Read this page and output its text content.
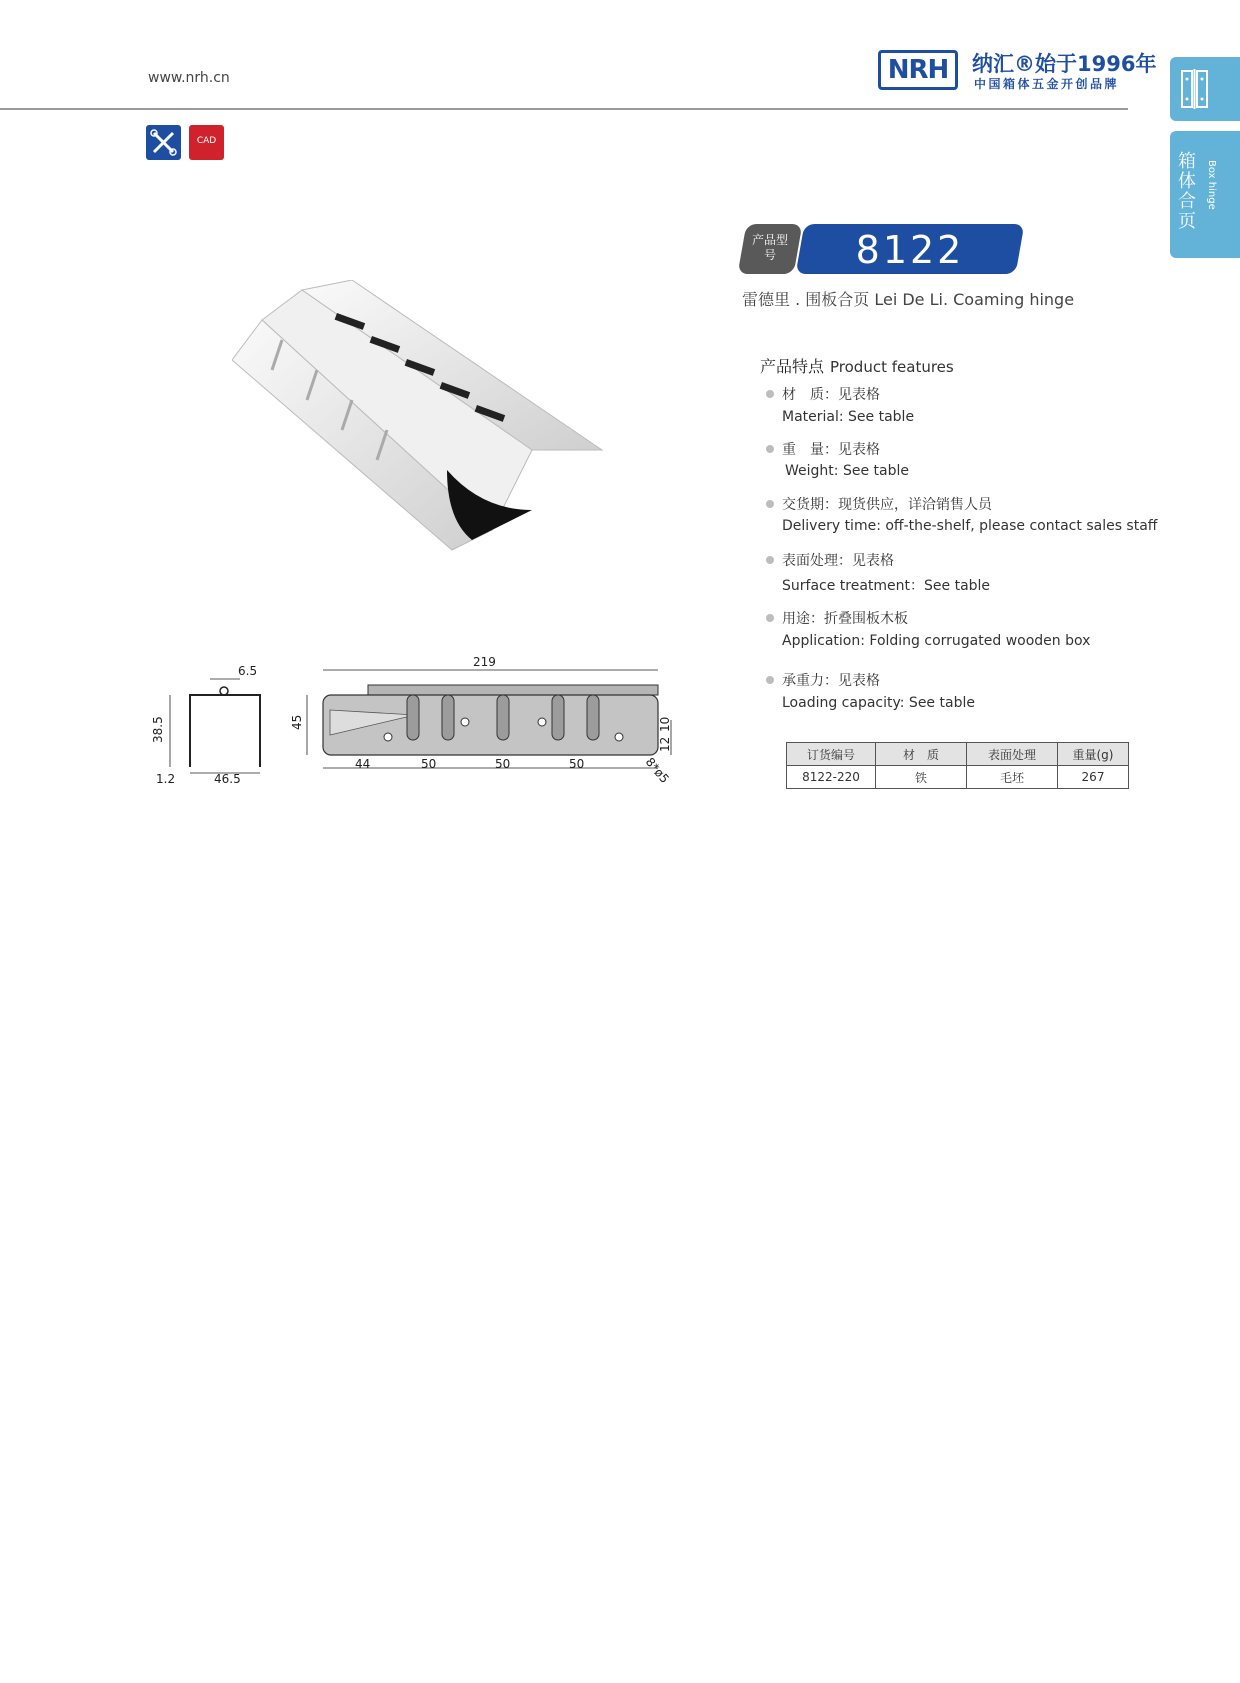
www.nrh.cn	NRH	纳汇®始于1996年
中国箱体五金开创品牌
箱体合页
Box hinge
CAD
6.5
38.5
1.2	46.5
219
45
44	50	50	50
10
12
8*ø5
产品型号	8122
雷德里 . 围板合页 Lei De Li. Coaming hinge
产品特点 Product features
材　质：见表格
Material: See table
重　量：见表格
Weight: See table
交货期：现货供应，详洽销售人员
Delivery time: off-the-shelf, please contact sales staff
表面处理：见表格
Surface treatment：See table
用途：折叠围板木板
Application: Folding corrugated wooden box
承重力：见表格
Loading capacity: See table
订货编号	材　质	表面处理	重量(g)
8122-220	铁	毛坯	267
